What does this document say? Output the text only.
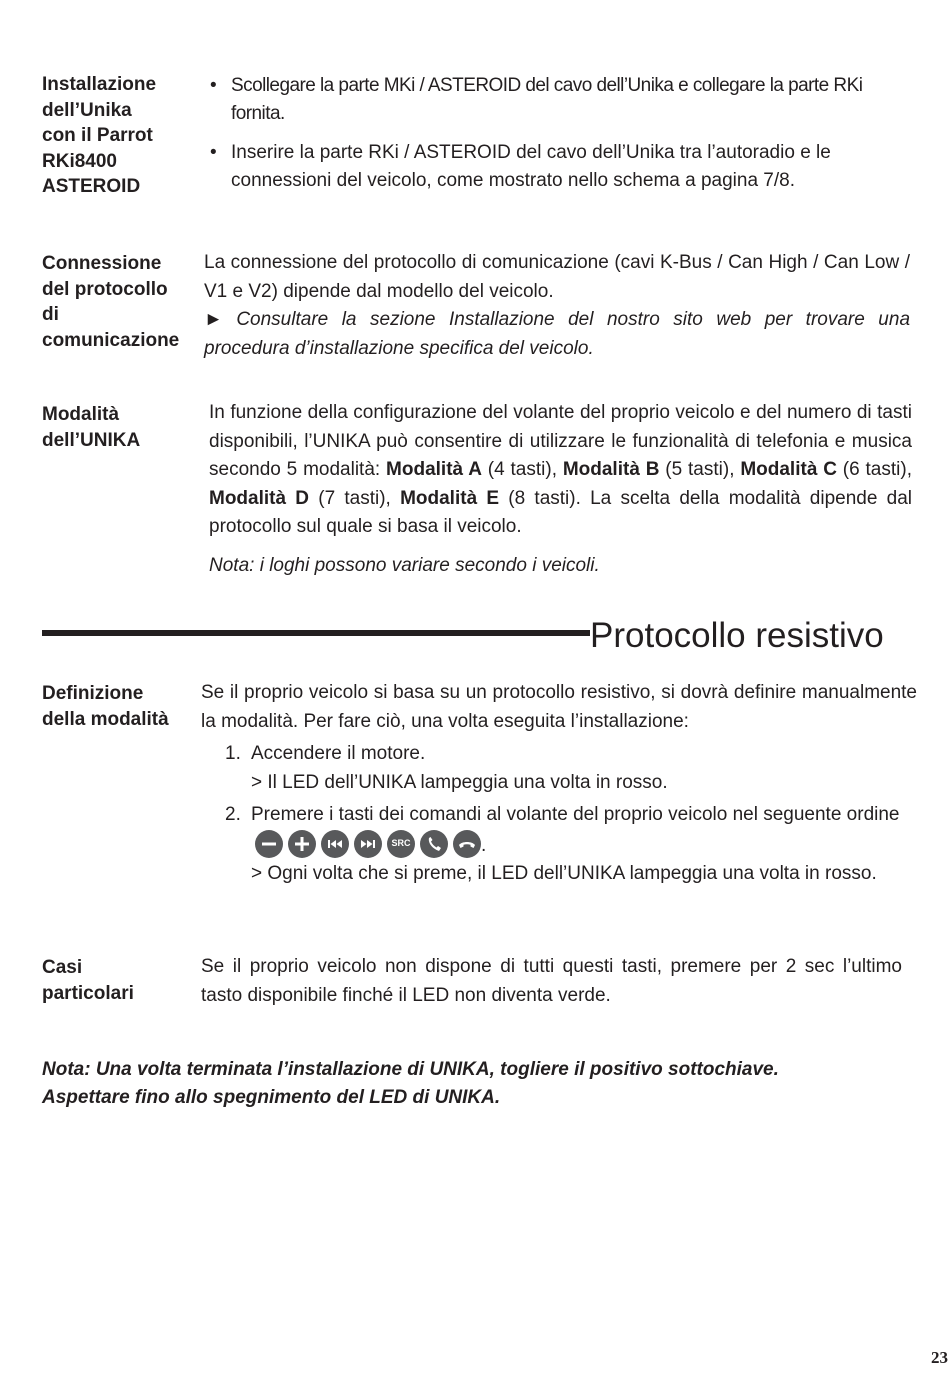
Installazione
dell’Unika
con il Parrot
RKi8400
ASTEROID
• Scollegare la parte MKi / ASTEROID del cavo dell’Unika e collegare la parte RKi fornita.
• Inserire la parte RKi / ASTEROID del cavo dell’Unika tra l’autoradio e le connessioni del veicolo, come mostrato nello schema a pagina 7/8.
Connessione
del protocollo
di
comunicazione

La connessione del protocollo di comunicazione (cavi K-Bus / Can High / Can Low / V1 e V2) dipende dal modello del veicolo.
► Consultare la sezione Installazione del nostro sito web per trovare una procedura d’installazione specifica del veicolo.

Modalità
dell’UNIKA

In funzione della configurazione del volante del proprio veicolo e del numero di tasti disponibili, l’UNIKA può consentire di utilizzare le funzionalità di telefonia e musica secondo 5 modalità: Modalità A (4 tasti), Modalità B (5 tasti), Modalità C (6 tasti), Modalità D (7 tasti), Modalità E (8 tasti). La scelta della modalità dipende dal protocollo sul quale si basa il veicolo.

Nota: i loghi possono variare secondo i veicoli.

Protocollo resistivo
Definizione
della modalità

Se il proprio veicolo si basa su un protocollo resistivo, si dovrà definire manualmente la modalità. Per fare ciò, una volta eseguita l’installazione:

1. Accendere il motore.
> Il LED dell’UNIKA lampeggia una volta in rosso.
2. Premere i tasti dei comandi al volante del proprio veicolo nel seguente ordine
SRC	.
> Ogni volta che si preme, il LED dell’UNIKA lampeggia una volta in rosso.
Casi
particolari

Se il proprio veicolo non dispone di tutti questi tasti, premere per 2 sec l’ultimo tasto disponibile finché il LED non diventa verde.

Nota: Una volta terminata l’installazione di UNIKA, togliere il positivo sottochiave.
Aspettare fino allo spegnimento del LED di UNIKA.
23
